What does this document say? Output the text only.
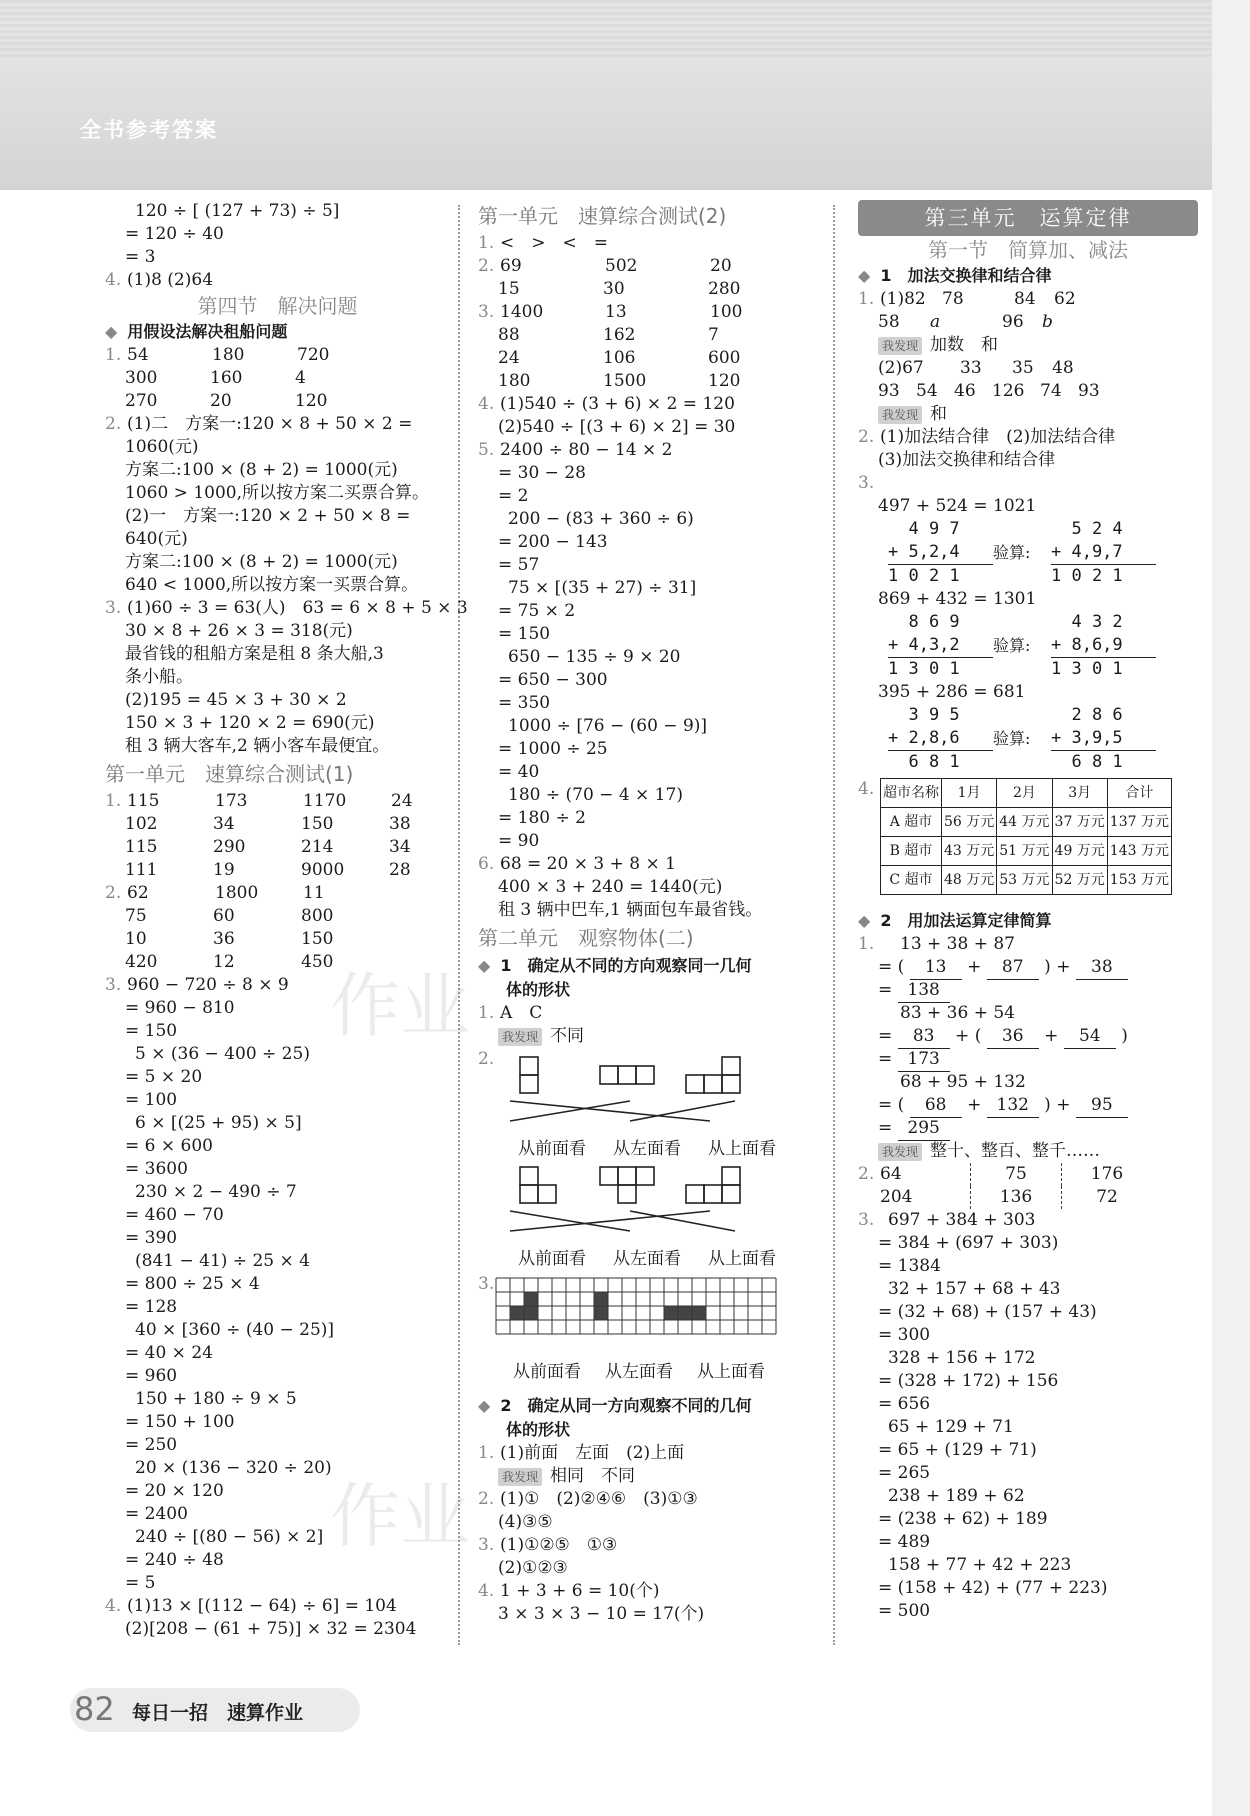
全书参考答案
作业
作业
120 ÷ [ (127 + 73) ÷ 5]
= 120 ÷ 40
= 3
4. (1)8 (2)64
第四节　解决问题
◆ 用假设法解决租船问题
1. 54	180	720
300	160	4
270	20	120
2. (1)二　方案一:120 × 8 + 50 × 2 =
1060(元)
方案二:100 × (8 + 2) = 1000(元)
1060 > 1000,所以按方案二买票合算。
(2)一　方案一:120 × 2 + 50 × 8 =
640(元)
方案二:100 × (8 + 2) = 1000(元)
640 < 1000,所以按方案一买票合算。
3. (1)60 ÷ 3 = 63(人)　63 = 6 × 8 + 5 × 3
30 × 8 + 26 × 3 = 318(元)
最省钱的租船方案是租 8 条大船,3
条小船。
(2)195 = 45 × 3 + 30 × 2
150 × 3 + 120 × 2 = 690(元)
租 3 辆大客车,2 辆小客车最便宜。
第一单元　速算综合测试(1)
1. 115	173	1170	24
102	34	150	38
115	290	214	34
111	19	9000	28
2. 62	1800	11
75	60	800
10	36	150
420	12	450
3. 960 − 720 ÷ 8 × 9
= 960 − 810
= 150
5 × (36 − 400 ÷ 25)
= 5 × 20
= 100
6 × [(25 + 95) × 5]
= 6 × 600
= 3600
230 × 2 − 490 ÷ 7
= 460 − 70
= 390
(841 − 41) ÷ 25 × 4
= 800 ÷ 25 × 4
= 128
40 × [360 ÷ (40 − 25)]
= 40 × 24
= 960
150 + 180 ÷ 9 × 5
= 150 + 100
= 250
20 × (136 − 320 ÷ 20)
= 20 × 120
= 2400
240 ÷ [(80 − 56) × 2]
= 240 ÷ 48
= 5
4. (1)13 × [(112 − 64) ÷ 6] = 104
(2)[208 − (61 + 75)] × 32 = 2304
第一单元　速算综合测试(2)
1. <　>　<　=
2. 69	502	20
15	30	280
3. 1400	13	100
88	162	7
24	106	600
180	1500	120
4. (1)540 ÷ (3 + 6) × 2 = 120
(2)540 ÷ [(3 + 6) × 2] = 30
5. 2400 ÷ 80 − 14 × 2
= 30 − 28
= 2
200 − (83 + 360 ÷ 6)
= 200 − 143
= 57
75 × [(35 + 27) ÷ 31]
= 75 × 2
= 150
650 − 135 ÷ 9 × 20
= 650 − 300
= 350
1000 ÷ [76 − (60 − 9)]
= 1000 ÷ 25
= 40
180 ÷ (70 − 4 × 17)
= 180 ÷ 2
= 90
6. 68 = 20 × 3 + 8 × 1
400 × 3 + 240 = 1440(元)
租 3 辆中巴车,1 辆面包车最省钱。
第二单元　观察物体(二)
◆ 1　确定从不同的方向观察同一几何
体的形状
1. A　C
我发现 不同
2.
从前面看 从左面看 从上面看
从前面看 从左面看 从上面看
3.
从前面看 从左面看 从上面看
◆ 2　确定从同一方向观察不同的几何
体的形状
1. (1)前面　左面　(2)上面
我发现 相同　不同
2. (1)①　(2)②④⑥　(3)①③
(4)③⑤
3. (1)①②⑤　①③
(2)①②③
4. 1 + 3 + 6 = 10(个)
3 × 3 × 3 − 10 = 17(个)
第三单元　运算定律
第一节　简算加、减法
◆ 1　加法交换律和结合律
1. (1)82 78	84 62
58 a	96 b
我发现 加数　和
(2)67 33 35 48
93 54 46 126 74 93
我发现 和
2. (1)加法结合律　(2)加法结合律
(3)加法交换律和结合律
3.
497 + 524 = 1021
4 9 7
+ 5,2,4
1 0 2 1
验算:
5 2 4
+ 4,9,7
1 0 2 1
869 + 432 = 1301
8 6 9
+ 4,3,2
1 3 0 1
验算:
4 3 2
+ 8,6,9
1 3 0 1
395 + 286 = 681
3 9 5
+ 2,8,6
6 8 1
验算:
2 8 6
+ 3,9,5
6 8 1
4. 超市名称	1月	2月	3月	合计
A 超市	56 万元	44 万元	37 万元	137 万元
B 超市	43 万元	51 万元	49 万元	143 万元
C 超市	48 万元	53 万元	52 万元	153 万元
◆ 2　用加法运算定律简算
1. 13 + 38 + 87
= ( 13 + 87 ) + 38
= 138
83 + 36 + 54
= 83 + ( 36 + 54 )
= 173
68 + 95 + 132
= ( 68 + 132 ) + 95
= 295
我发现 整十、整百、整千……
2. 64	75	176
204	136	72
3. 697 + 384 + 303
= 384 + (697 + 303)
= 1384
32 + 157 + 68 + 43
= (32 + 68) + (157 + 43)
= 300
328 + 156 + 172
= (328 + 172) + 156
= 656
65 + 129 + 71
= 65 + (129 + 71)
= 265
238 + 189 + 62
= (238 + 62) + 189
= 489
158 + 77 + 42 + 223
= (158 + 42) + (77 + 223)
= 500
82 每日一招　 速算作业
